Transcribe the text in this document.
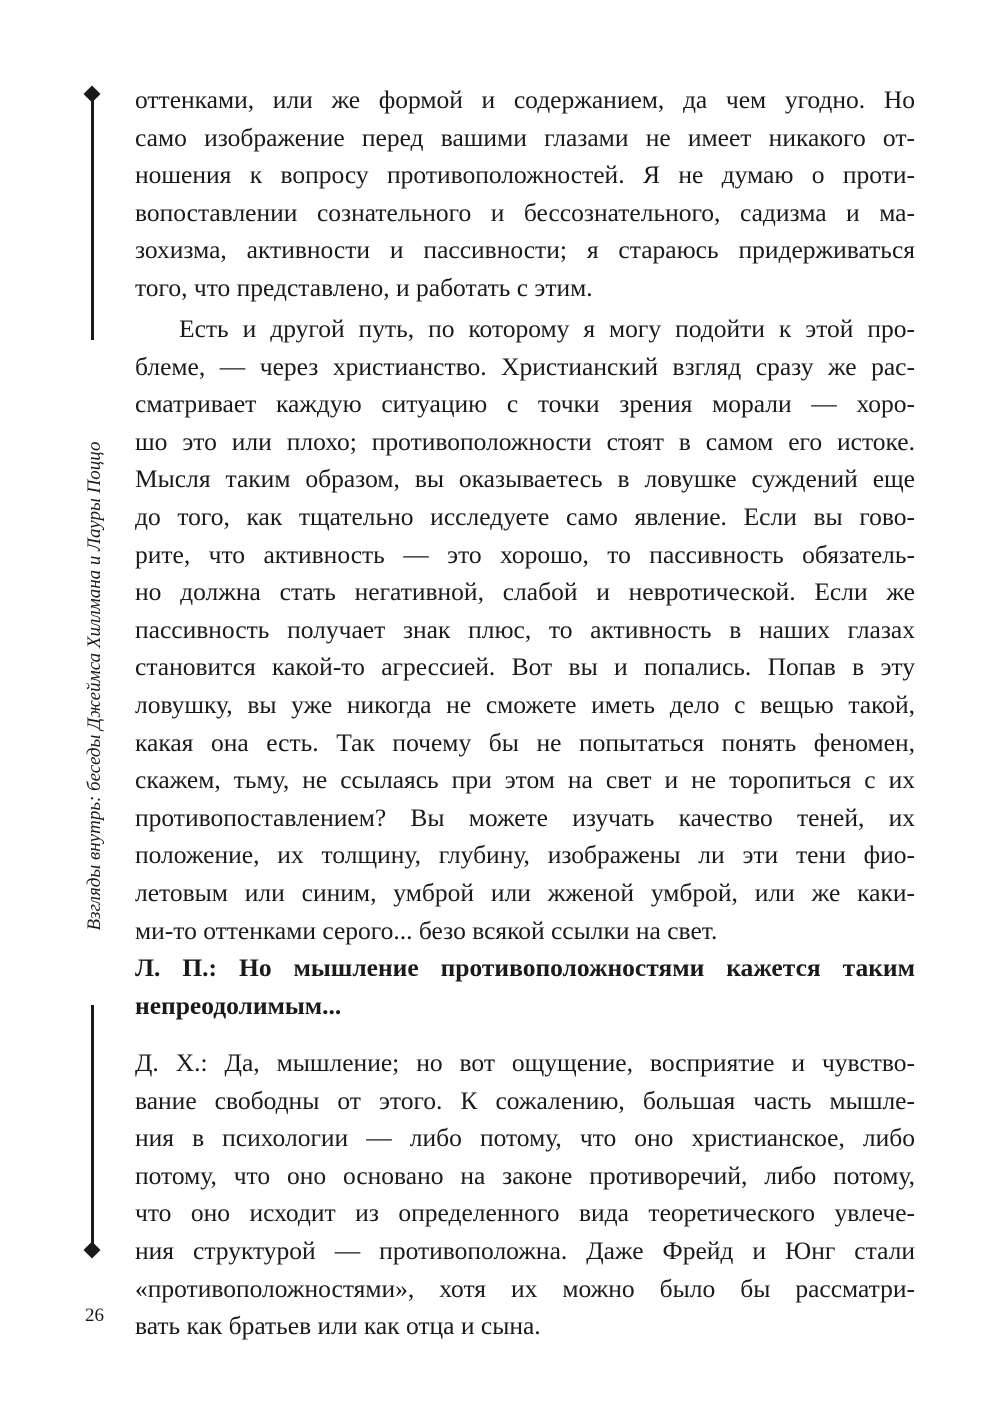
Взгляды внутрь: беседы Джеймса Хиллмана и Лауры Поццо
26
оттенками, или же формой и содержанием, да чем угодно. Но
само изображение перед вашими глазами не имеет никакого от-
ношения к вопросу противоположностей. Я не думаю о проти-
вопоставлении сознательного и бессознательного, садизма и ма-
зохизма, активности и пассивности; я стараюсь придерживаться
того, что представлено, и работать с этим.
Есть и другой путь, по которому я могу подойти к этой про-
блеме, — через христианство. Христианский взгляд сразу же рас-
сматривает каждую ситуацию с точки зрения морали — хоро-
шо это или плохо; противоположности стоят в самом его истоке.
Мысля таким образом, вы оказываетесь в ловушке суждений еще
до того, как тщательно исследуете само явление. Если вы гово-
рите, что активность — это хорошо, то пассивность обязатель-
но должна стать негативной, слабой и невротической. Если же
пассивность получает знак плюс, то активность в наших глазах
становится какой-то агрессией. Вот вы и попались. Попав в эту
ловушку, вы уже никогда не сможете иметь дело с вещью такой,
какая она есть. Так почему бы не попытаться понять феномен,
скажем, тьму, не ссылаясь при этом на свет и не торопиться с их
противопоставлением? Вы можете изучать качество теней, их
положение, их толщину, глубину, изображены ли эти тени фио-
летовым или синим, умброй или жженой умброй, или же каки-
ми-то оттенками серого... безо всякой ссылки на свет.
Л. П.: Но мышление противоположностями кажется таким
непреодолимым...
Д. Х.: Да, мышление; но вот ощущение, восприятие и чувство-
вание свободны от этого. К сожалению, большая часть мышле-
ния в психологии — либо потому, что оно христианское, либо
потому, что оно основано на законе противоречий, либо потому,
что оно исходит из определенного вида теоретического увлече-
ния структурой — противоположна. Даже Фрейд и Юнг стали
«противоположностями», хотя их можно было бы рассматри-
вать как братьев или как отца и сына.
